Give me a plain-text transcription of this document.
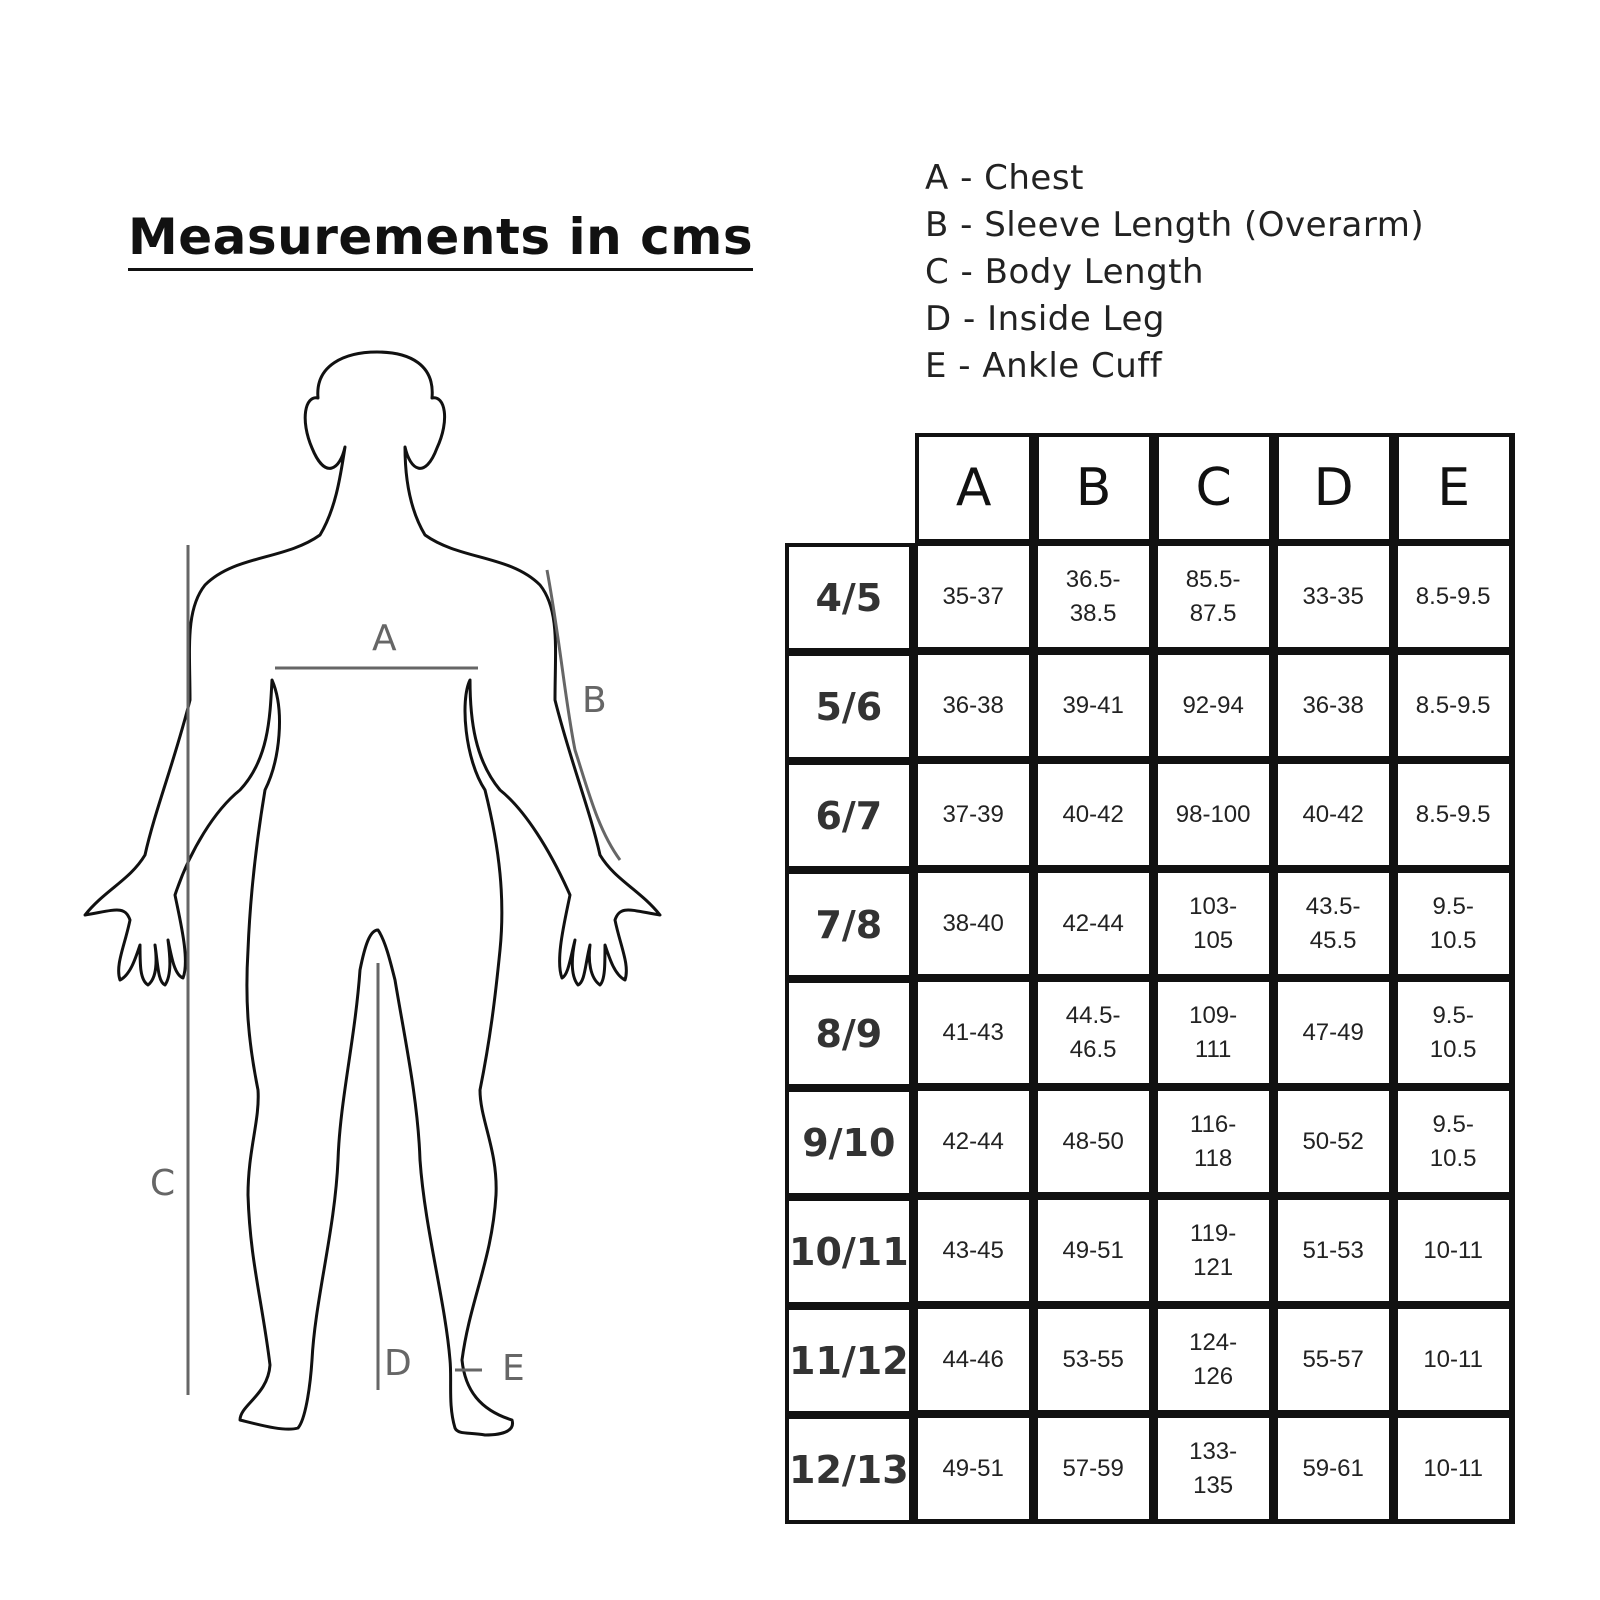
Measurements in cms
A - Chest
B - Sleeve Length (Overarm)
C - Body Length
D - Inside Leg
E - Ankle Cuff
A
B
C
D	E
	A	B	C	D	E
4/5	35-37	36.5-38.5	85.5-87.5	33-35	8.5-9.5
5/6	36-38	39-41	92-94	36-38	8.5-9.5
6/7	37-39	40-42	98-100	40-42	8.5-9.5
7/8	38-40	42-44	103-105	43.5-45.5	9.5-10.5
8/9	41-43	44.5-46.5	109-111	47-49	9.5-10.5
9/10	42-44	48-50	116-118	50-52	9.5-10.5
10/11	43-45	49-51	119-121	51-53	10-11
11/12	44-46	53-55	124-126	55-57	10-11
12/13	49-51	57-59	133-135	59-61	10-11
